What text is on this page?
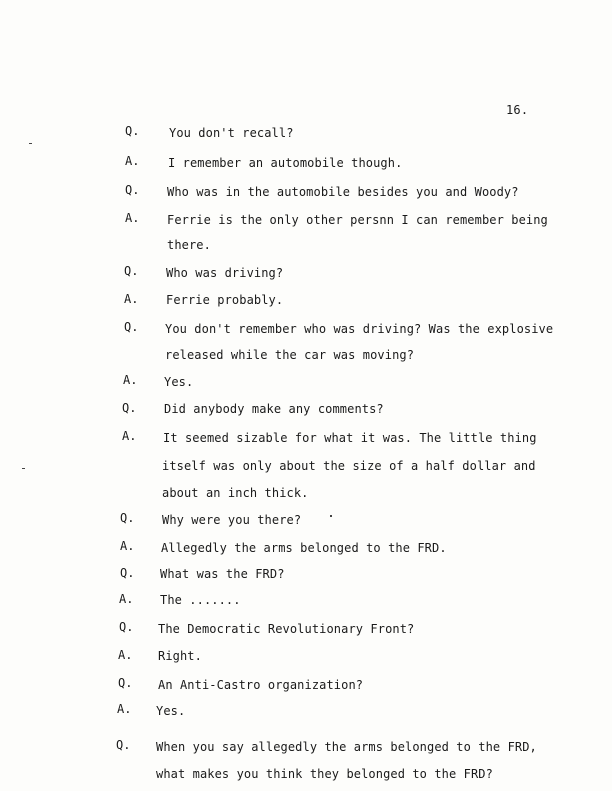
16.
Q. You don't recall?
A. I remember an automobile though.
Q. Who was in the automobile besides you and Woody?
A. Ferrie is the only other persnn I can remember being
there.
Q. Who was driving?
A. Ferrie probably.
Q. You don't remember who was driving? Was the explosive
released while the car was moving?
A. Yes.
Q. Did anybody make any comments?
A. It seemed sizable for what it was. The little thing
itself was only about the size of a half dollar and
about an inch thick.
Q. Why were you there?
A. Allegedly the arms belonged to the FRD.
Q. What was the FRD?
A. The .......
Q. The Democratic Revolutionary Front?
A. Right.
Q. An Anti-Castro organization?
A. Yes.
Q. When you say allegedly the arms belonged to the FRD,
what makes you think they belonged to the FRD?
